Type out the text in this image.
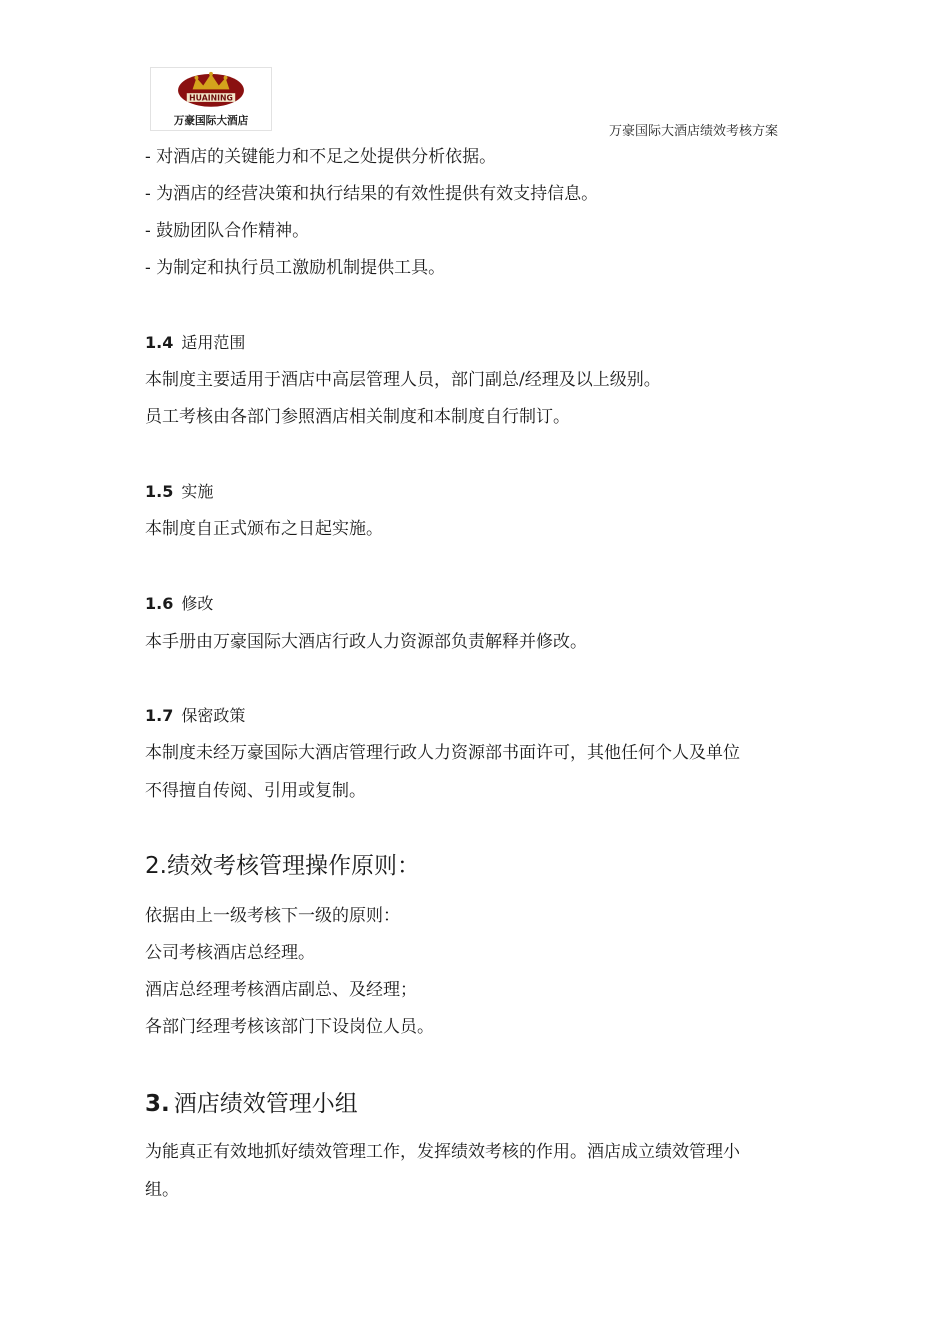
HUAINING
万豪国际大酒店
万豪国际大酒店绩效考核方案
- 对酒店的关键能力和不足之处提供分析依据。
- 为酒店的经营决策和执行结果的有效性提供有效支持信息。
- 鼓励团队合作精神。
- 为制定和执行员工激励机制提供工具。
1.4 适用范围
本制度主要适用于酒店中高层管理人员，部门副总/经理及以上级别。
员工考核由各部门参照酒店相关制度和本制度自行制订。
1.5 实施
本制度自正式颁布之日起实施。
1.6 修改
本手册由万豪国际大酒店行政人力资源部负责解释并修改。
1.7 保密政策
本制度未经万豪国际大酒店管理行政人力资源部书面许可，其他任何个人及单位
不得擅自传阅、引用或复制。
2.绩效考核管理操作原则：
依据由上一级考核下一级的原则：
公司考核酒店总经理。
酒店总经理考核酒店副总、及经理；
各部门经理考核该部门下设岗位人员。
3. 酒店绩效管理小组
为能真正有效地抓好绩效管理工作，发挥绩效考核的作用。酒店成立绩效管理小
组。
